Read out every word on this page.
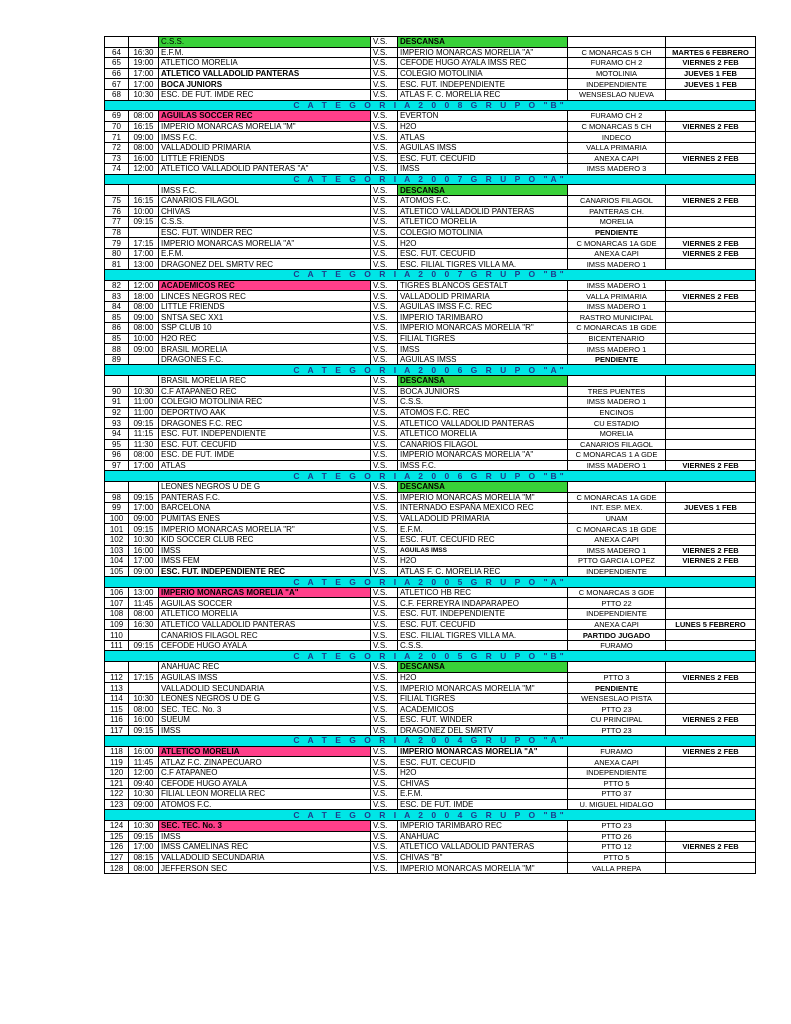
		C.S.S.	V.S.	DESCANSA		
64	16:30	E.F.M.	V.S.	IMPERIO MONARCAS MORELIA "A"	C MONARCAS 5 CH	MARTES 6 FEBRERO
65	19:00	ATLETICO MORELIA	V.S.	CEFODE HUGO AYALA IMSS REC	FURAMO CH 2	VIERNES 2 FEB
66	17:00	ATLETICO VALLADOLID PANTERAS	V.S.	COLEGIO MOTOLINIA	MOTOLINIA	JUEVES 1 FEB
67	17:00	BOCA JUNIORS	V.S.	ESC. FUT. INDEPENDIENTE	INDEPENDIENTE	JUEVES 1 FEB
68	10:30	ESC. DE FUT. IMDE REC	V.S.	ATLAS F. C. MORELIA REC	WENSESLAO NUEVA	
C A T E G O R I A 2 0 0 8 G R U P O "B"						
69	08:00	AGUILAS SOCCER REC	V.S.	EVERTON	FURAMO CH 2	
70	16:15	IMPERIO MONARCAS MORELIA "M"	V.S.	H2O	C MONARCAS 5 CH	VIERNES 2 FEB
71	09:00	IMSS F.C.	V.S.	ATLAS	INDECO	
72	08:00	VALLADOLID PRIMARIA	V.S.	AGUILAS IMSS	VALLA PRIMARIA	
73	16:00	LITTLE FRIENDS	V.S.	ESC. FUT. CECUFID	ANEXA CAPI	VIERNES 2 FEB
74	12:00	ATLETICO VALLADOLID PANTERAS "A"	V.S.	IMSS	IMSS MADERO 3	
C A T E G O R I A 2 0 0 7 G R U P O "A"						
		IMSS F.C.	V.S.	DESCANSA		
75	16:15	CANARIOS FILAGOL	V.S.	ATOMOS F.C.	CANARIOS FILAGOL	VIERNES 2 FEB
76	10:00	CHIVAS	V.S.	ATLETICO VALLADOLID PANTERAS	PANTERAS CH.	
77	09:15	C.S.S.	V.S.	ATLETICO MORELIA	MORELIA	
78		ESC. FUT. WINDER REC	V.S.	COLEGIO MOTOLINIA	PENDIENTE	
79	17:15	IMPERIO MONARCAS MORELIA "A"	V.S.	H2O	C MONARCAS 1A GDE	VIERNES 2 FEB
80	17:00	E.F.M.	V.S.	ESC. FUT. CECUFID	ANEXA CAPI	VIERNES 2 FEB
81	13:00	DRAGONEZ DEL SMRTV REC	V.S.	ESC. FILIAL TIGRES VILLA MA.	IMSS MADERO 1	
C A T E G O R I A 2 0 0 7 G R U P O "B"						
82	12:00	ACADEMICOS REC	V.S.	TIGRES BLANCOS GESTALT	IMSS MADERO 1	
83	18:00	LINCES NEGROS REC	V.S.	VALLADOLID PRIMARIA	VALLA PRIMARIA	VIERNES 2 FEB
84	08:00	LITTLE FRIENDS	V.S.	AGUILAS IMSS F.C. REC	IMSS MADERO 1	
85	09:00	SNTSA SEC XX1	V.S.	IMPERIO TARIMBARO	RASTRO MUNICIPAL	
86	08:00	SSP CLUB 10	V.S.	IMPERIO MONARCAS MORELIA "R"	C MONARCAS 1B GDE	
85	10:00	H2O REC	V.S.	FILIAL TIGRES	BICENTENARIO	
88	09:00	BRASIL MORELIA	V.S.	IMSS	IMSS MADERO 1	
89		DRAGONES F.C.	V.S.	AGUILAS IMSS	PENDIENTE	
C A T E G O R I A 2 0 0 6 G R U P O "A"						
		BRASIL MORELIA REC	V.S.	DESCANSA		
90	10:30	C.F ATAPANEO REC	V.S.	BOCA JUNIORS	TRES PUENTES	
91	11:00	COLEGIO MOTOLINIA REC	V.S.	C.S.S.	IMSS MADERO 1	
92	11:00	DEPORTIVO AAK	V.S.	ATOMOS F.C. REC	ENCINOS	
93	09:15	DRAGONES F.C. REC	V.S.	ATLETICO VALLADOLID PANTERAS	CU ESTADIO	
94	11:15	ESC. FUT. INDEPENDIENTE	V.S.	ATLETICO MORELIA	MORELIA	
95	11:30	ESC. FUT. CECUFID	V.S.	CANARIOS FILAGOL	CANARIOS FILAGOL	
96	08:00	ESC. DE FUT. IMDE	V.S.	IMPERIO MONARCAS MORELIA "A"	C MONARCAS 1 A GDE	
97	17:00	ATLAS	V.S.	IMSS F.C.	IMSS MADERO 1	VIERNES 2 FEB
C A T E G O R I A 2 0 0 6 G R U P O "B"						
		LEONES NEGROS U DE G	V.S.	DESCANSA		
98	09:15	PANTERAS F.C.	V.S.	IMPERIO MONARCAS MORELIA "M"	C MONARCAS 1A GDE	
99	17:00	BARCELONA	V.S.	INTERNADO ESPAÑA MEXICO REC	INT. ESP. MEX.	JUEVES 1 FEB
100	09:00	PUMITAS ENES	V.S.	VALLADOLID PRIMARIA	UNAM	
101	09:15	IMPERIO MONARCAS MORELIA "R"	V.S.	E.F.M.	C MONARCAS 1B GDE	
102	10:30	KID SOCCER CLUB REC	V.S.	ESC. FUT. CECUFID REC	ANEXA CAPI	
103	16:00	IMSS	V.S.	AGUILAS IMSS	IMSS MADERO 1	VIERNES 2 FEB
104	17:00	IMSS FEM	V.S.	H2O	PTTO GARCIA LOPEZ	VIERNES 2 FEB
105	09:00	ESC. FUT. INDEPENDIENTE REC	V.S.	ATLAS F. C. MORELIA REC	INDEPENDIENTE	
C A T E G O R I A 2 0 0 5 G R U P O "A"						
106	13:00	IMPERIO MONARCAS MORELIA "A"	V.S.	ATLETICO HB REC	C MONARCAS 3 GDE	
107	11:45	AGUILAS SOCCER	V.S.	C.F. FERREYRA INDAPARAPEO	PTTO 22	
108	08:00	ATLETICO MORELIA	V.S.	ESC. FUT. INDEPENDIENTE	INDEPENDIENTE	
109	16:30	ATLETICO VALLADOLID PANTERAS	V.S.	ESC. FUT. CECUFID	ANEXA CAPI	LUNES 5 FEBRERO
110		CANARIOS FILAGOL REC	V.S.	ESC. FILIAL TIGRES VILLA MA.	PARTIDO JUGADO	
111	09:15	CEFODE HUGO AYALA	V.S.	C.S.S.	FURAMO	
C A T E G O R I A 2 0 0 5 G R U P O "B"						
		ANAHUAC REC	V.S.	DESCANSA		
112	17:15	AGUILAS IMSS	V.S.	H2O	PTTO 3	VIERNES 2 FEB
113		VALLADOLID SECUNDARIA	V.S.	IMPERIO MONARCAS MORELIA "M"	PENDIENTE	
114	10:30	LEONES NEGROS U DE G	V.S.	FILIAL TIGRES	WENSESLAO PISTA	
115	08:00	SEC. TEC. No. 3	V.S.	ACADEMICOS	PTTO 23	
116	16:00	SUEUM	V.S.	ESC. FUT. WINDER	CU PRINCIPAL	VIERNES 2 FEB
117	09:15	IMSS	V.S.	DRAGONEZ DEL SMRTV	PTTO 23	
C A T E G O R I A 2 0 0 4 G R U P O "A"						
118	16:00	ATLETICO MORELIA	V.S.	IMPERIO MONARCAS MORELIA "A"	FURAMO	VIERNES 2 FEB
119	11:45	ATLAZ F.C. ZINAPECUARO	V.S.	ESC. FUT. CECUFID	ANEXA CAPI	
120	12:00	C.F ATAPANEO	V.S.	H2O	INDEPENDIENTE	
121	09:40	CEFODE HUGO AYALA	V.S.	CHIVAS	PTTO 5	
122	10:30	FILIAL LEON MORELIA REC	V.S.	E.F.M.	PTTO 37	
123	09:00	ATOMOS F.C.	V.S.	ESC. DE FUT. IMDE	U. MIGUEL HIDALGO	
C A T E G O R I A 2 0 0 4 G R U P O "B"						
124	10:30	SEC. TEC. No. 3	V.S.	IMPERIO TARIMBARO REC	PTTO 23	
125	09:15	IMSS	V.S.	ANAHUAC	PTTO 26	
126	17:00	IMSS CAMELINAS REC	V.S.	ATLETICO VALLADOLID PANTERAS	PTTO 12	VIERNES 2 FEB
127	08:15	VALLADOLID SECUNDARIA	V.S.	CHIVAS "B"	PTTO 5	
128	08:00	JEFFERSON SEC	V.S.	IMPERIO MONARCAS MORELIA "M"	VALLA PREPA	
